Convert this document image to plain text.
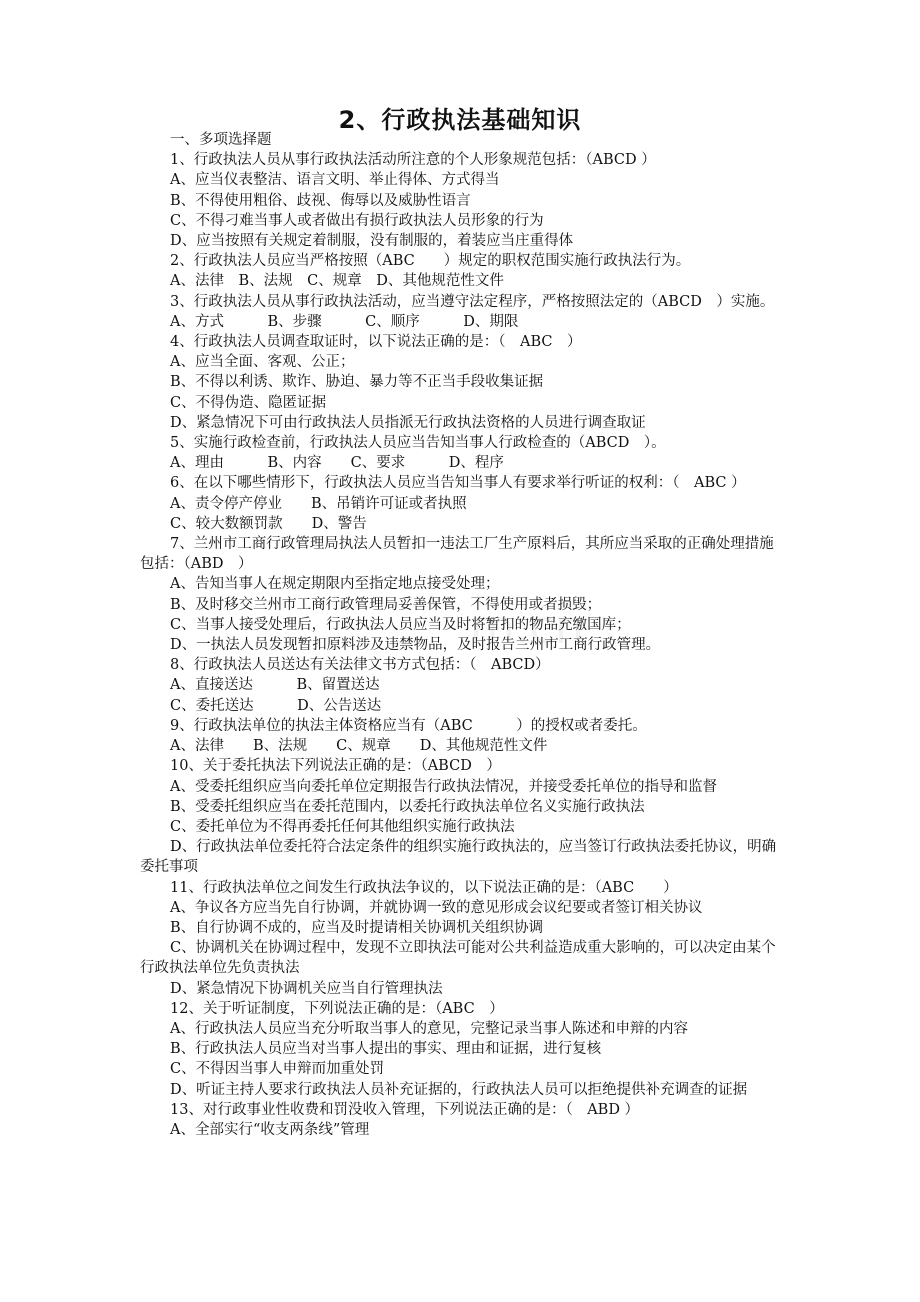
m.cn
2、行政执法基础知识
一、多项选择题
1、行政执法人员从事行政执法活动所注意的个人形象规范包括：（ABCD ）
A、应当仪表整洁、语言文明、举止得体、方式得当
B、不得使用粗俗、歧视、侮辱以及威胁性语言
C、不得刁难当事人或者做出有损行政执法人员形象的行为
D、应当按照有关规定着制服，没有制服的，着装应当庄重得体
2、行政执法人员应当严格按照（ABC　　）规定的职权范围实施行政执法行为。
A、法律　B、法规　C、规章　D、其他规范性文件
3、行政执法人员从事行政执法活动，应当遵守法定程序，严格按照法定的（ABCD　）实施。
A、方式　　　B、步骤　　　C、顺序　　　D、期限
4、行政执法人员调查取证时，以下说法正确的是：（　ABC　）
A、应当全面、客观、公正；
B、不得以利诱、欺诈、胁迫、暴力等不正当手段收集证据
C、不得伪造、隐匿证据
D、紧急情况下可由行政执法人员指派无行政执法资格的人员进行调查取证
5、实施行政检查前，行政执法人员应当告知当事人行政检查的（ABCD　）。
A、理由　　　B、内容　　C、要求　　　D、程序
6、在以下哪些情形下，行政执法人员应当告知当事人有要求举行听证的权利：（　ABC ）
A、责令停产停业　　B、吊销许可证或者执照
C、较大数额罚款　　D、警告
7、兰州市工商行政管理局执法人员暂扣一违法工厂生产原料后，其所应当采取的正确处理措施包括：（ABD　）
A、告知当事人在规定期限内至指定地点接受处理；
B、及时移交兰州市工商行政管理局妥善保管，不得使用或者损毁；
C、当事人接受处理后，行政执法人员应当及时将暂扣的物品充缴国库；
D、一执法人员发现暂扣原料涉及违禁物品，及时报告兰州市工商行政管理。
8、行政执法人员送达有关法律文书方式包括：（　ABCD）
A、直接送达　　　B、留置送达
C、委托送达　　　D、公告送达
9、行政执法单位的执法主体资格应当有（ABC　　　）的授权或者委托。
A、法律　　B、法规　　C、规章　　D、其他规范性文件
10、关于委托执法下列说法正确的是：（ABCD　）
A、受委托组织应当向委托单位定期报告行政执法情况，并接受委托单位的指导和监督
B、受委托组织应当在委托范围内，以委托行政执法单位名义实施行政执法
C、委托单位为不得再委托任何其他组织实施行政执法
D、行政执法单位委托符合法定条件的组织实施行政执法的，应当签订行政执法委托协议，明确委托事项
11、行政执法单位之间发生行政执法争议的，以下说法正确的是：（ABC　　）
A、争议各方应当先自行协调，并就协调一致的意见形成会议纪要或者签订相关协议
B、自行协调不成的，应当及时提请相关协调机关组织协调
C、协调机关在协调过程中，发现不立即执法可能对公共利益造成重大影响的，可以决定由某个行政执法单位先负责执法
D、紧急情况下协调机关应当自行管理执法
12、关于听证制度，下列说法正确的是：（ABC　）
A、行政执法人员应当充分听取当事人的意见，完整记录当事人陈述和申辩的内容
B、行政执法人员应当对当事人提出的事实、理由和证据，进行复核
C、不得因当事人申辩而加重处罚
D、听证主持人要求行政执法人员补充证据的，行政执法人员可以拒绝提供补充调查的证据
13、对行政事业性收费和罚没收入管理，下列说法正确的是：（　ABD ）
A、全部实行“收支两条线”管理
